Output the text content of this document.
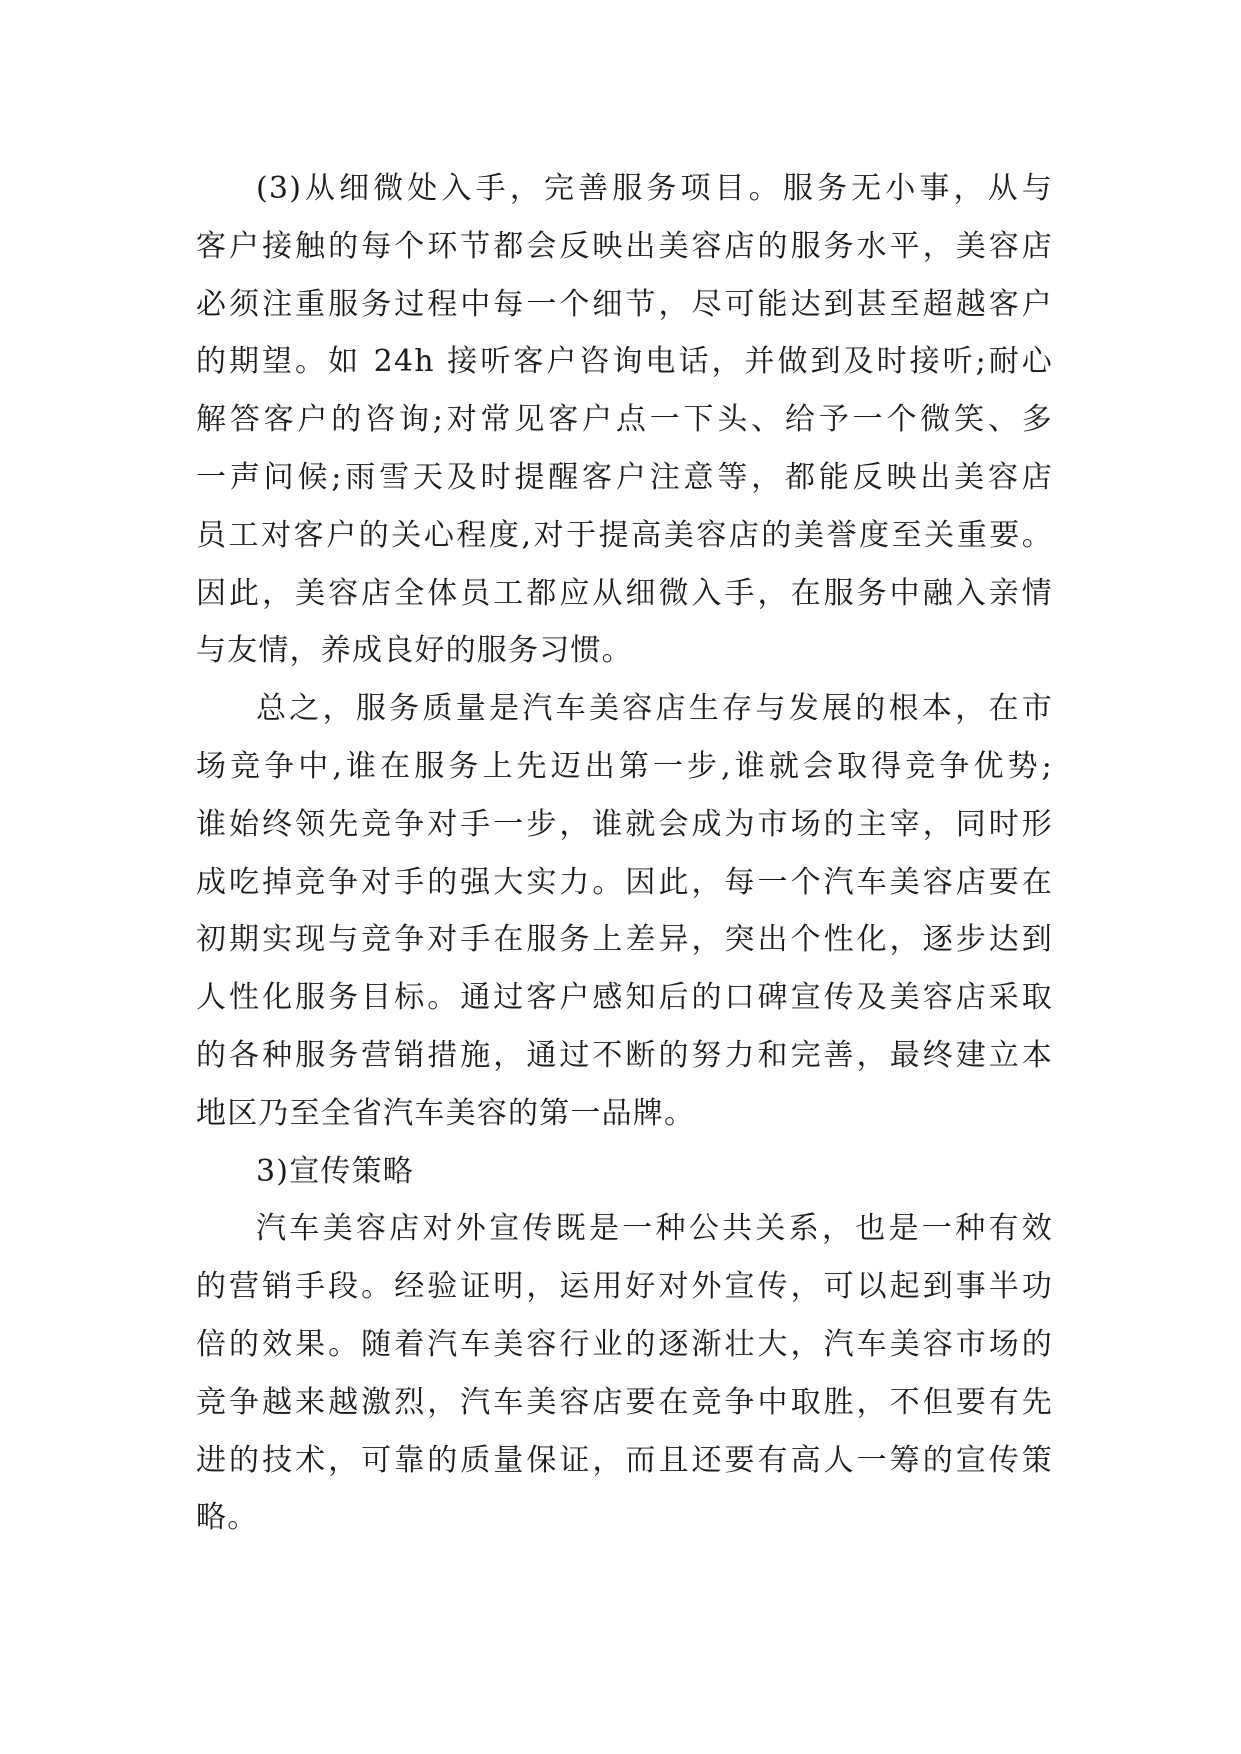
(3)从细微处入手，完善服务项目。服务无小事，从与
客户接触的每个环节都会反映出美容店的服务水平，美容店
必须注重服务过程中每一个细节，尽可能达到甚至超越客户
的期望。如 24h 接听客户咨询电话，并做到及时接听;耐心
解答客户的咨询;对常见客户点一下头、给予一个微笑、多
一声问候;雨雪天及时提醒客户注意等，都能反映出美容店
员工对客户的关心程度,对于提高美容店的美誉度至关重要。
因此，美容店全体员工都应从细微入手，在服务中融入亲情
与友情，养成良好的服务习惯。
总之，服务质量是汽车美容店生存与发展的根本，在市
场竞争中,谁在服务上先迈出第一步,谁就会取得竞争优势;
谁始终领先竞争对手一步，谁就会成为市场的主宰，同时形
成吃掉竞争对手的强大实力。因此，每一个汽车美容店要在
初期实现与竞争对手在服务上差异，突出个性化，逐步达到
人性化服务目标。通过客户感知后的口碑宣传及美容店采取
的各种服务营销措施，通过不断的努力和完善，最终建立本
地区乃至全省汽车美容的第一品牌。
3)宣传策略
汽车美容店对外宣传既是一种公共关系，也是一种有效
的营销手段。经验证明，运用好对外宣传，可以起到事半功
倍的效果。随着汽车美容行业的逐渐壮大，汽车美容市场的
竞争越来越激烈，汽车美容店要在竞争中取胜，不但要有先
进的技术，可靠的质量保证，而且还要有高人一筹的宣传策
略。
